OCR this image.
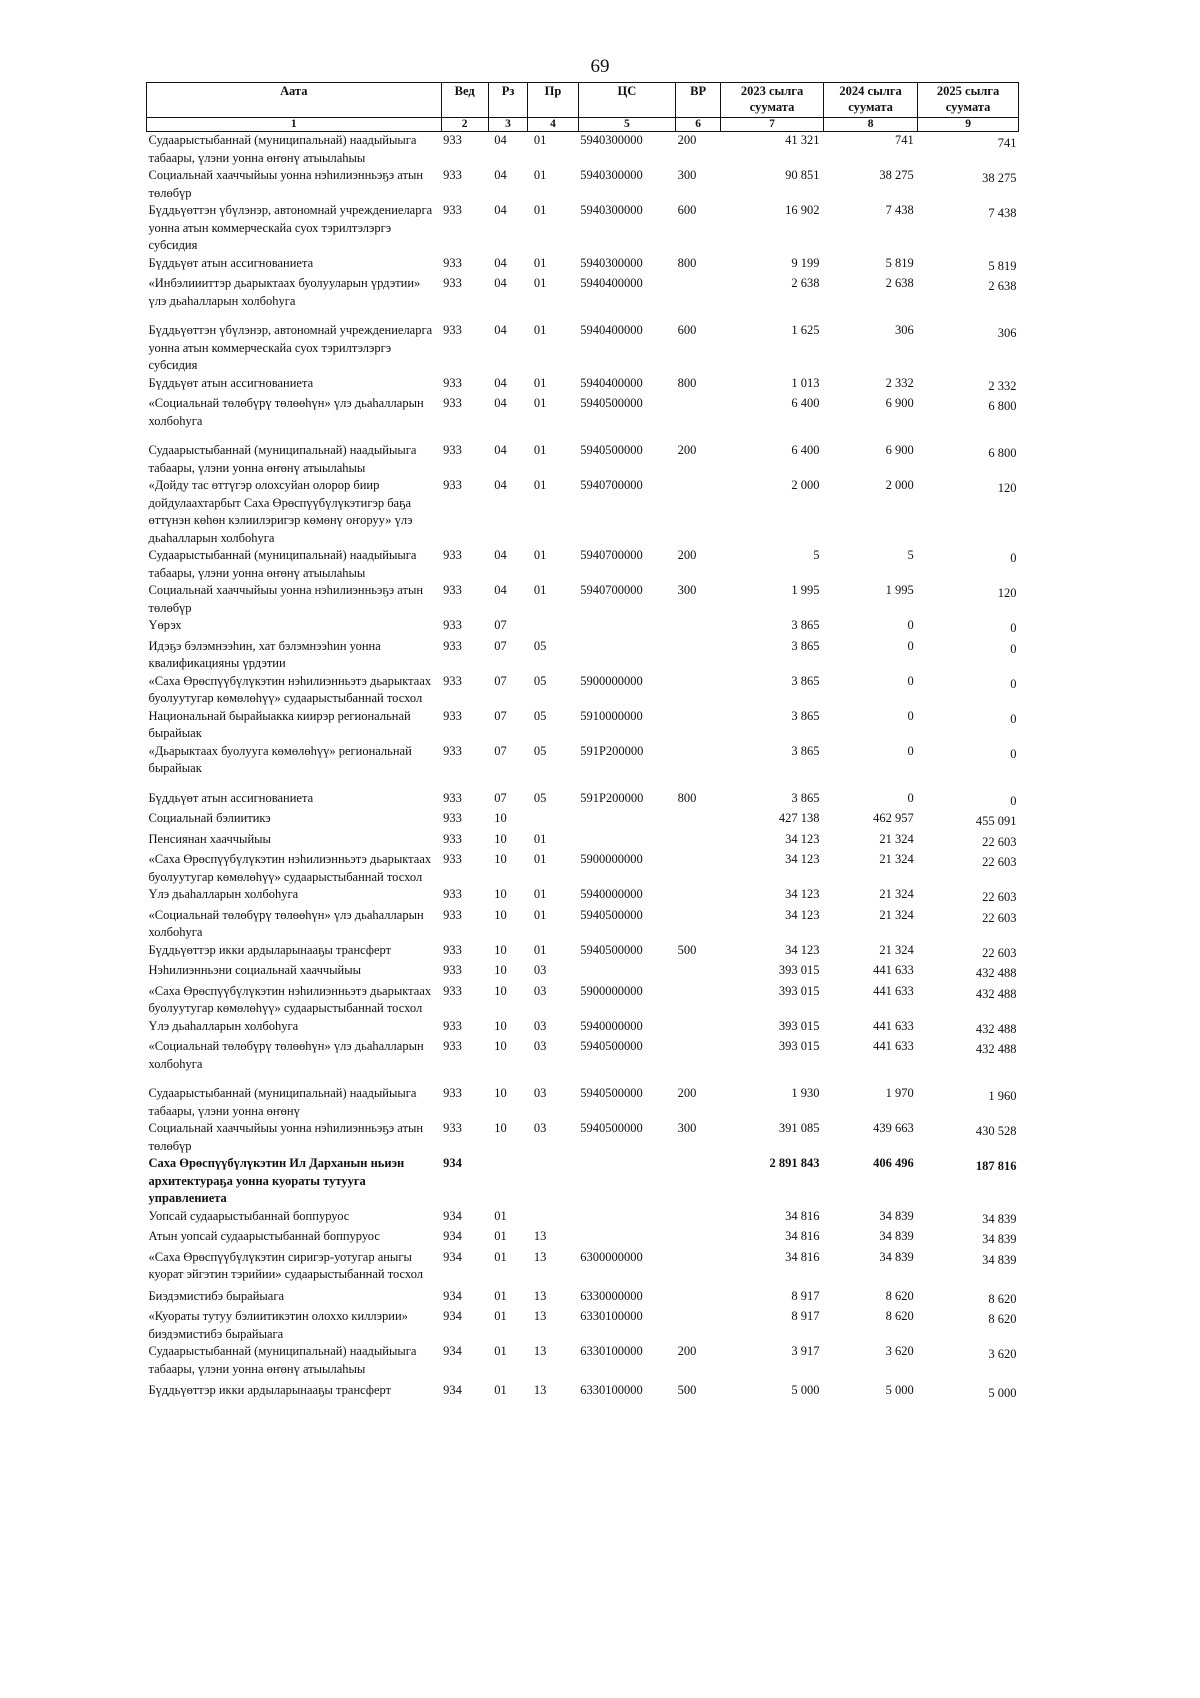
69
Аата	Вед	Рз	Пр	ЦС	ВР	2023 сылга суумата	2024 сылга суумата	2025 сылга суумата
1	2	3	4	5	6	7	8	9
Судаарыстыбаннай (муниципальнай) наадыйыыга табаары, үлэни уонна өҥөнү атыылаһыы	933	04	01	5940300000	200	41 321	741	741
Социальнай хааччыйыы уонна нэһилиэнньэҕэ атын төлөбүр	933	04	01	5940300000	300	90 851	38 275	38 275
Бүддьүөттэн үбүлэнэр, автономнай учреждениеларга уонна атын коммерческайа суох тэрилтэлэргэ субсидия	933	04	01	5940300000	600	16 902	7 438	7 438
Бүддьүөт атын ассигнованиета	933	04	01	5940300000	800	9 199	5 819	5 819
«Инбэлиииттэр дьарыктаах буолууларын үрдэтии» үлэ дьаһалларын холбоһуга	933	04	01	5940400000		2 638	2 638	2 638
Бүддьүөттэн үбүлэнэр, автономнай учреждениеларга уонна атын коммерческайа суох тэрилтэлэргэ субсидия	933	04	01	5940400000	600	1 625	306	306
Бүддьүөт атын ассигнованиета	933	04	01	5940400000	800	1 013	2 332	2 332
«Социальнай төлөбүрү төлөөһүн» үлэ дьаһалларын холбоһуга	933	04	01	5940500000		6 400	6 900	6 800
Судаарыстыбаннай (муниципальнай) наадыйыыга табаары, үлэни уонна өҥөнү атыылаһыы	933	04	01	5940500000	200	6 400	6 900	6 800
«Дойду тас өттүгэр олохсуйан олорор биир дойдулаахтарбыт Саха Өрөспүүбүлүкэтигэр баҕа өттүнэн көһөн кэлиилэригэр көмөнү оҥоруу» үлэ дьаһалларын холбоһуга	933	04	01	5940700000		2 000	2 000	120
Судаарыстыбаннай (муниципальнай) наадыйыыга табаары, үлэни уонна өҥөнү атыылаһыы	933	04	01	5940700000	200	5	5	0
Социальнай хааччыйыы уонна нэһилиэнньэҕэ атын төлөбүр	933	04	01	5940700000	300	1 995	1 995	120
Үөрэх	933	07				3 865	0	0
Идэҕэ бэлэмнээһин, хат бэлэмнээһин уонна квалификацияны үрдэтии	933	07	05			3 865	0	0
«Саха Өрөспүүбүлүкэтин нэһилиэнньэтэ дьарыктаах буолуутугар көмөлөһүү» судаарыстыбаннай тосхол	933	07	05	5900000000		3 865	0	0
Национальнай бырайыакка киирэр региональнай бырайыак	933	07	05	5910000000		3 865	0	0
«Дьарыктаах буолууга көмөлөһүү» региональнай бырайыак	933	07	05	591P200000		3 865	0	0
Бүддьүөт атын ассигнованиета	933	07	05	591P200000	800	3 865	0	0
Социальнай бэлиитикэ	933	10				427 138	462 957	455 091
Пенсиянан хааччыйыы	933	10	01			34 123	21 324	22 603
«Саха Өрөспүүбүлүкэтин нэһилиэнньэтэ дьарыктаах буолуутугар көмөлөһүү» судаарыстыбаннай тосхол	933	10	01	5900000000		34 123	21 324	22 603
Үлэ дьаһалларын холбоһуга	933	10	01	5940000000		34 123	21 324	22 603
«Социальнай төлөбүрү төлөөһүн» үлэ дьаһалларын холбоһуга	933	10	01	5940500000		34 123	21 324	22 603
Бүддьүөттэр икки ардыларынааҕы трансферт	933	10	01	5940500000	500	34 123	21 324	22 603
Нэһилиэнньэни социальнай хааччыйыы	933	10	03			393 015	441 633	432 488
«Саха Өрөспүүбүлүкэтин нэһилиэнньэтэ дьарыктаах буолуутугар көмөлөһүү» судаарыстыбаннай тосхол	933	10	03	5900000000		393 015	441 633	432 488
Үлэ дьаһалларын холбоһуга	933	10	03	5940000000		393 015	441 633	432 488
«Социальнай төлөбүрү төлөөһүн» үлэ дьаһалларын холбоһуга	933	10	03	5940500000		393 015	441 633	432 488
Судаарыстыбаннай (муниципальнай) наадыйыыга табаары, үлэни уонна өҥөнү	933	10	03	5940500000	200	1 930	1 970	1 960
Социальнай хааччыйыы уонна нэһилиэнньэҕэ атын төлөбүр	933	10	03	5940500000	300	391 085	439 663	430 528
Саха Өрөспүүбүлүкэтин Ил Дарханын ньиэн архитектураҕа уонна куораты тутууга управлениета	934					2 891 843	406 496	187 816
Уопсай судаарыстыбаннай боппуруос	934	01				34 816	34 839	34 839
Атын уопсай судаарыстыбаннай боппуруос	934	01	13			34 816	34 839	34 839
«Саха Өрөспүүбүлүкэтин сиригэр-уотугар аныгы куорат эйгэтин тэрийии» судаарыстыбаннай тосхол	934	01	13	6300000000		34 816	34 839	34 839
Биэдэмистибэ бырайыага	934	01	13	6330000000		8 917	8 620	8 620
«Куораты тутуу бэлиитикэтин олоххо киллэрии» биэдэмистибэ бырайыага	934	01	13	6330100000		8 917	8 620	8 620
Судаарыстыбаннай (муниципальнай) наадыйыыга табаары, үлэни уонна өҥөнү атыылаһыы	934	01	13	6330100000	200	3 917	3 620	3 620
Бүддьүөттэр икки ардыларынааҕы трансферт	934	01	13	6330100000	500	5 000	5 000	5 000
